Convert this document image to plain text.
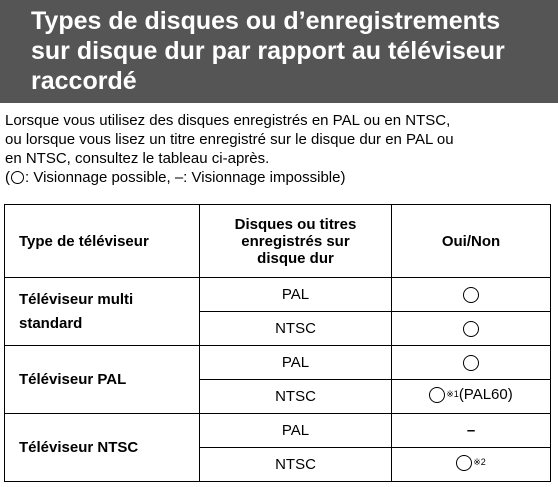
Types de disques ou d’enregistrements
sur disque dur par rapport au téléviseur
raccordé
Lorsque vous utilisez des disques enregistrés en PAL ou en NTSC,
ou lorsque vous lisez un titre enregistré sur le disque dur en PAL ou
en NTSC, consultez le tableau ci-après.
( : Visionnage possible, –: Visionnage impossible)
Type de téléviseur	Disques ou titres
enregistrés sur
disque dur	Oui/Non
Téléviseur multi
standard	PAL	
	NTSC	
Téléviseur PAL	PAL	
	NTSC	※1 (PAL60)

Téléviseur NTSC	PAL	–
	NTSC	※2
